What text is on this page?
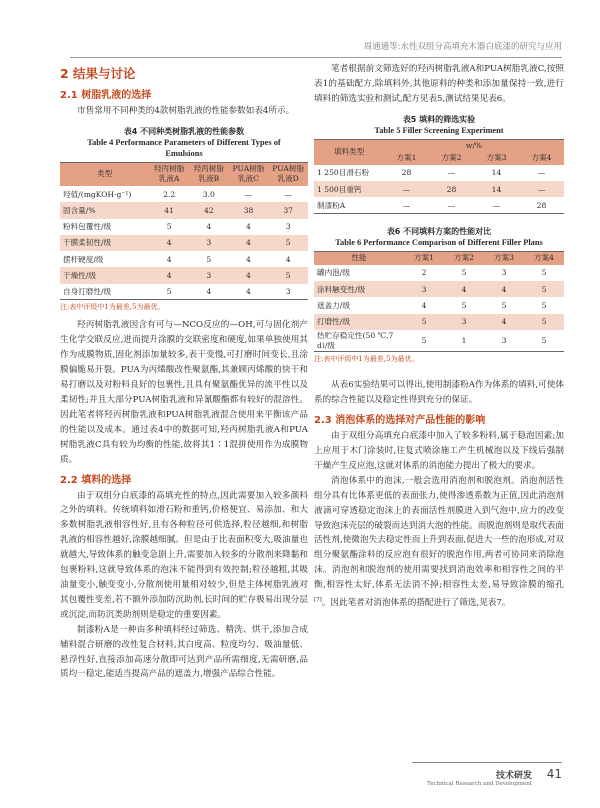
周通通等:水性双组分高填充木器白底漆的研究与应用
2 结果与讨论
2.1 树脂乳液的选择

市售常用不同种类的4款树脂乳液的性能参数如表4所示。

表4 不同种类树脂乳液的性能参数
Table 4 Performance Parameters of Different Types of Emulsions
类型	羟丙树脂乳液A	羟丙树脂乳液B	PUA树脂乳液C	PUA树脂乳液D
羟值/(mgKOH·g⁻¹)	2.2	3.0	—	—
固含量/%	41	42	38	37
粉料包覆性/级	5	4	4	3
干膜柔韧性/级	4	3	4	5
摆杆硬度/级	4	5	4	4
干燥性/级	4	3	4	5
自身打磨性/级	5	4	4	3
注:表中评级中1为最差,5为最优。

羟丙树脂乳液因含有可与—NCO反应的—OH,可与固化剂产生化学交联反应,进而提升涂膜的交联密度和硬度,如果单独使用其作为成膜物质,固化剂添加量较多,表干变慢,可打磨时间变长,且涂膜偏脆易开裂。PUA为丙烯酸改性聚氨酯,其兼顾丙烯酸的快干和易打磨以及对粉料良好的包裹性,且具有聚氨酯优异的流平性以及柔韧性;并且大部分PUA树脂乳液和异氰酸酯都有较好的混溶性。因此笔者将羟丙树脂乳液和PUA树脂乳液混合使用来平衡该产品的性能以及成本。通过表4中的数据可知,羟丙树脂乳液A和PUA树脂乳液C具有较为均衡的性能,故将其1∶1混拼使用作为成膜物质。

2.2 填料的选择

由于双组分白底漆的高填充性的特点,因此需要加入较多颜料之外的填料。传统填料如滑石粉和重钙,价格便宜、易添加、和大多数树脂乳液相容性好,且有各种粒径可供选择,粒径越细,和树脂乳液的相容性越好,涂膜越细腻。但是由于比表面积变大,吸油量也就越大,导致体系的触变急剧上升,需要加入较多的分散剂来降黏和包裹粉料,这就导致体系的泡沫不能得到有效控制;粒径越粗,其吸油量变小,触变变小,分散剂使用量相对较少,但是主体树脂乳液对其包覆性变差,若不额外添加防沉助剂,长时间的贮存极易出现分层或沉淀,而防沉类助剂则是稳定的重要因素。

制漆粉A是一种由多种填料经过筛选、精洗、烘干,添加合成辅料混合研磨的改性复合材料,其白度高、粒度均匀、吸油量低、悬浮性好,直接添加高速分散即可达到产品所需细度,无需研磨,品质均一稳定,能适当提高产品的遮盖力,增强产品综合性能。

笔者根据前文筛选好的羟丙树脂乳液A和PUA树脂乳液C,按照表1的基础配方,除填料外,其他原料的种类和添加量保持一致,进行填料的筛选实验和测试,配方见表5,测试结果见表6。

表5 填料的筛选实验
Table 5 Filler Screening Experiment
填料类型	w/%			
	方案1	方案2	方案3	方案4
1 250目滑石粉	28	—	14	—
1 500目重钙	—	28	14	—
制漆粉A	—	—	—	28
表6 不同填料方案的性能对比
Table 6 Performance Comparison of Different Filler Plans
性能	方案1	方案2	方案3	方案4
罐内泡/级	2	5	3	5
涂料触变性/级	3	4	4	5
遮盖力/级	4	5	5	5
打磨性/级	5	3	4	5
热贮存稳定性(50 ℃,7 d)/级	5	1	3	5
注:表中评级中1为最差,5为最优。

从表6实验结果可以得出,使用制漆粉A作为体系的填料,可使体系的综合性能以及稳定性得到充分的保证。

2.3 消泡体系的选择对产品性能的影响

由于双组分高填充白底漆中加入了较多粉料,属于稳泡因素;加上应用于木门涂装时,往复式喷涂施工产生机械泡以及下线后强制干燥产生反应泡,这就对体系的消泡能力提出了极大的要求。

消泡体系中的泡沫,一般会选用消泡剂和脱泡剂。消泡剂活性组分具有比体系更低的表面张力,使得渗透系数为正值,因此消泡剂液滴可穿透稳定泡沫上的表面活性剂膜进入到气泡中,应力的改变导致泡沫壳层的破裂而达到消大泡的性能。而脱泡剂则是取代表面活性剂,使微泡失去稳定性而上升到表面,促进大一些的泡形成,对双组分聚氨酯涂料的反应泡有很好的脱泡作用,两者可协同来消除泡沫。消泡剂和脱泡剂的使用需要找到消泡效率和相容性之间的平衡,相容性太好,体系无法消不掉;相容性太差,易导致涂膜的缩孔[7]。因此笔者对消泡体系的搭配进行了筛选,见表7。

技术研发
Technical Research and Development
41
